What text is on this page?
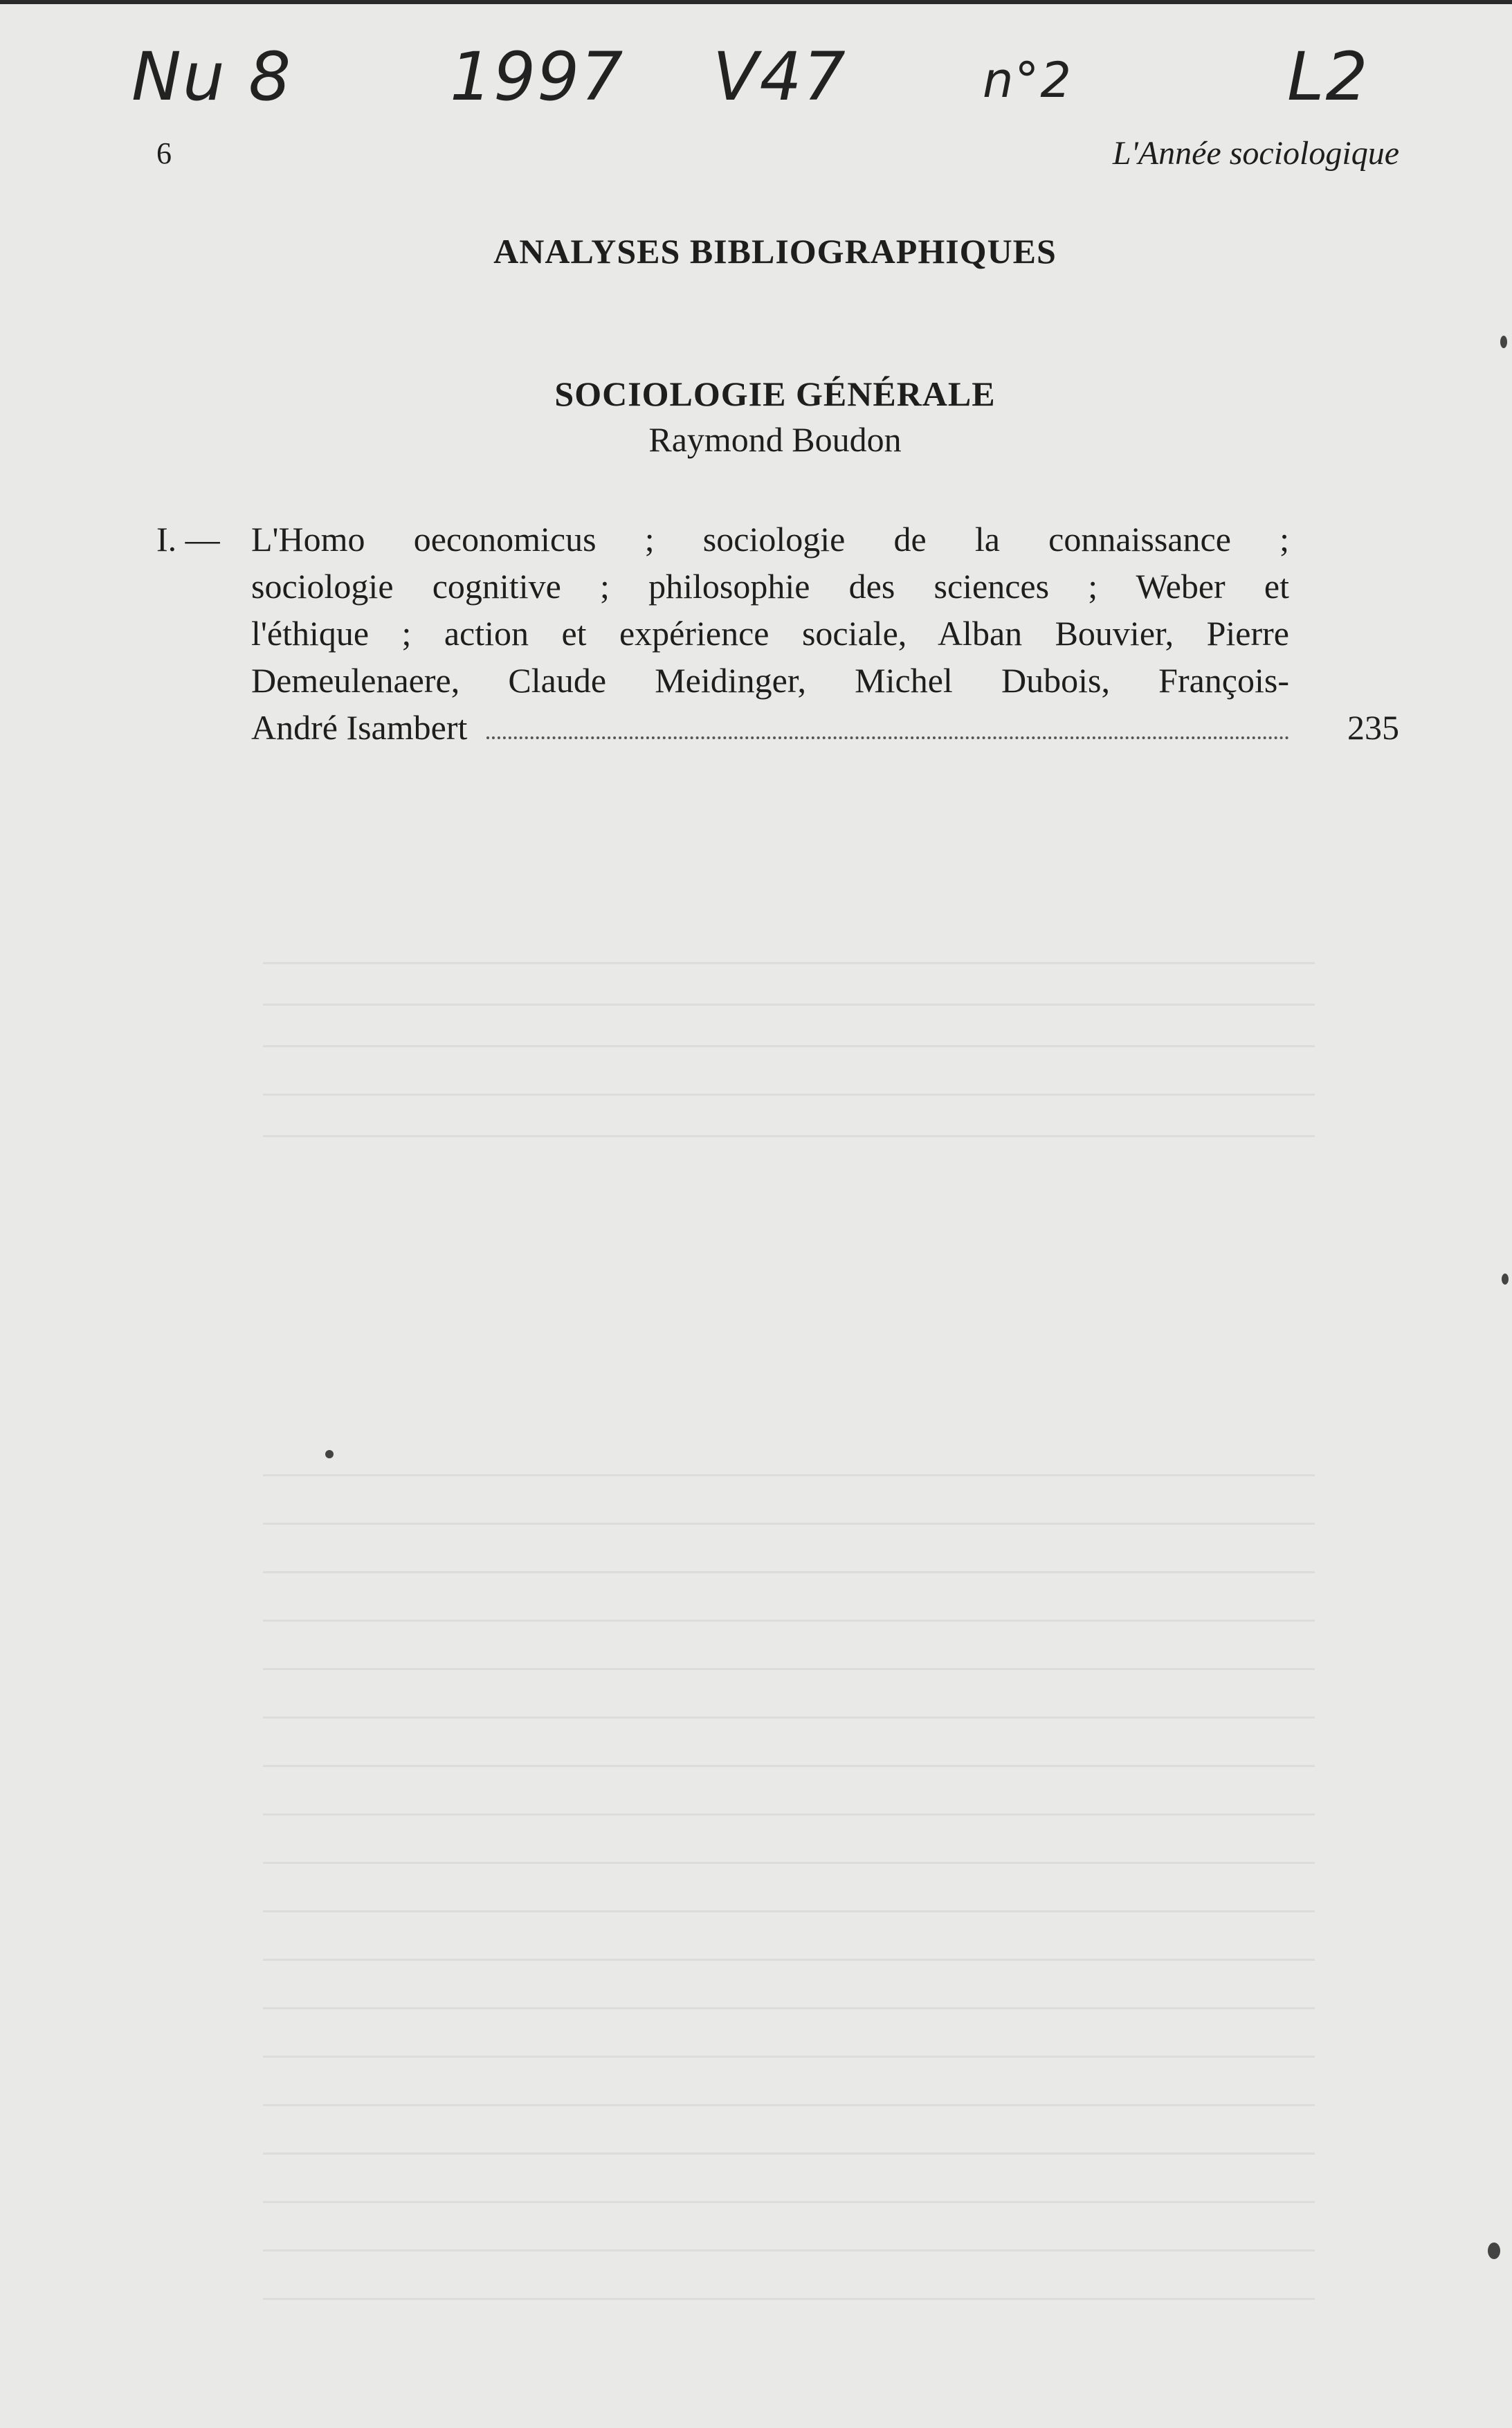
Nu 8 1997 V47	n°2	L2
6	L'Année sociologique
ANALYSES BIBLIOGRAPHIQUES
SOCIOLOGIE GÉNÉRALE
Raymond Boudon
I. — L'Homo oeconomicus ; sociologie de la connaissance ;
sociologie cognitive ; philosophie des sciences ; Weber et
l'éthique ; action et expérience sociale, Alban Bouvier, Pierre
Demeulenaere, Claude Meidinger, Michel Dubois, François-
André Isambert	235
